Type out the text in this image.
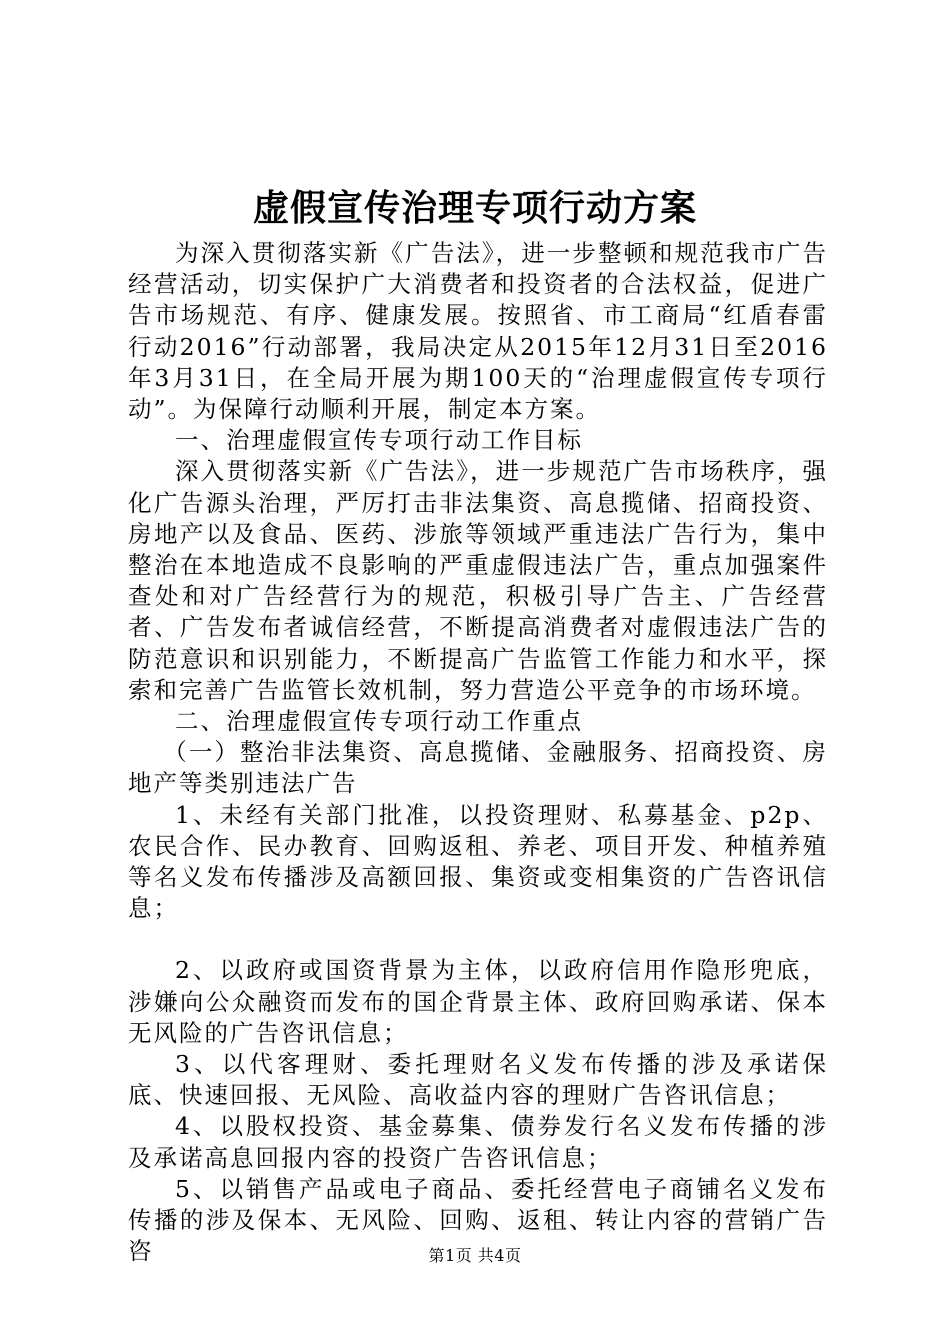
虚假宣传治理专项行动方案

为深入贯彻落实新《广告法》，进一步整顿和规范我市广告经营活动，切实保护广大消费者和投资者的合法权益，促进广告市场规范、有序、健康发展。按照省、市工商局“红盾春雷行动2016”行动部署，我局决定从2015年12月31日至2016年3月31日，在全局开展为期100天的“治理虚假宣传专项行动”。为保障行动顺利开展，制定本方案。

一、治理虚假宣传专项行动工作目标

深入贯彻落实新《广告法》，进一步规范广告市场秩序，强化广告源头治理，严厉打击非法集资、高息揽储、招商投资、房地产以及食品、医药、涉旅等领域严重违法广告行为，集中整治在本地造成不良影响的严重虚假违法广告，重点加强案件查处和对广告经营行为的规范，积极引导广告主、广告经营者、广告发布者诚信经营，不断提高消费者对虚假违法广告的防范意识和识别能力，不断提高广告监管工作能力和水平，探索和完善广告监管长效机制，努力营造公平竞争的市场环境。

二、治理虚假宣传专项行动工作重点

（一）整治非法集资、高息揽储、金融服务、招商投资、房地产等类别违法广告

1、未经有关部门批准，以投资理财、私募基金、p2p、农民合作、民办教育、回购返租、养老、项目开发、种植养殖等名义发布传播涉及高额回报、集资或变相集资的广告咨讯信息；

2、以政府或国资背景为主体，以政府信用作隐形兜底，涉嫌向公众融资而发布的国企背景主体、政府回购承诺、保本无风险的广告咨讯信息；

3、以代客理财、委托理财名义发布传播的涉及承诺保底、快速回报、无风险、高收益内容的理财广告咨讯信息；

4、以股权投资、基金募集、债券发行名义发布传播的涉及承诺高息回报内容的投资广告咨讯信息；

5、以销售产品或电子商品、委托经营电子商铺名义发布传播的涉及保本、无风险、回购、返租、转让内容的营销广告咨	第1页 共4页
